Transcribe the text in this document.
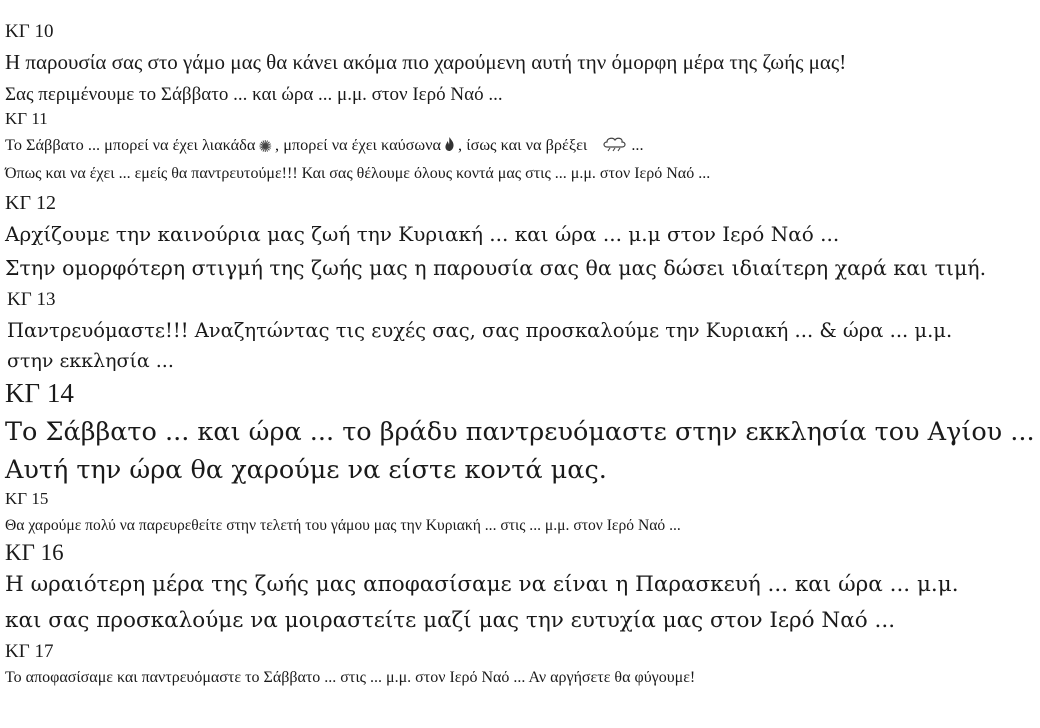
ΚΓ 10
Η παρουσία σας στο γάμο μας θα κάνει ακόμα πιο χαρούμενη αυτή την όμορφη μέρα της ζωής μας!
Σας περιμένουμε το Σάββατο ... και ώρα ... μ.μ. στον Ιερό Ναό ...
ΚΓ 11
Το Σάββατο ... μπορεί να έχει λιακάδα ✺ , μπορεί να έχει καύσωνα , ίσως και να βρέξει	...
Όπως και να έχει ... εμείς θα παντρευτούμε!!! Και σας θέλουμε όλους κοντά μας στις ... μ.μ. στον Ιερό Ναό ...
ΚΓ 12
Αρχίζουμε την καινούρια μας ζωή την Κυριακή ... και ώρα ... μ.μ στον Ιερό Ναό ...
Στην ομορφότερη στιγμή της ζωής μας η παρουσία σας θα μας δώσει ιδιαίτερη χαρά και τιμή.
ΚΓ 13
Παντρευόμαστε!!! Αναζητώντας τις ευχές σας, σας προσκαλούμε την Κυριακή ... & ώρα ... μ.μ.
στην εκκλησία ...
ΚΓ 14
Το Σάββατο ... και ώρα ... το βράδυ παντρευόμαστε στην εκκλησία του Αγίου ...
Αυτή την ώρα θα χαρούμε να είστε κοντά μας.
ΚΓ 15
Θα χαρούμε πολύ να παρευρεθείτε στην τελετή του γάμου μας την Κυριακή ... στις ... μ.μ. στον Ιερό Ναό ...
ΚΓ 16
Η ωραιότερη μέρα της ζωής μας αποφασίσαμε να είναι η Παρασκευή ... και ώρα ... μ.μ.
και σας προσκαλούμε να μοιραστείτε μαζί μας την ευτυχία μας στον Ιερό Ναό ...
ΚΓ 17
Το αποφασίσαμε και παντρευόμαστε το Σάββατο ... στις ... μ.μ. στον Ιερό Ναό ... Αν αργήσετε θα φύγουμε!
